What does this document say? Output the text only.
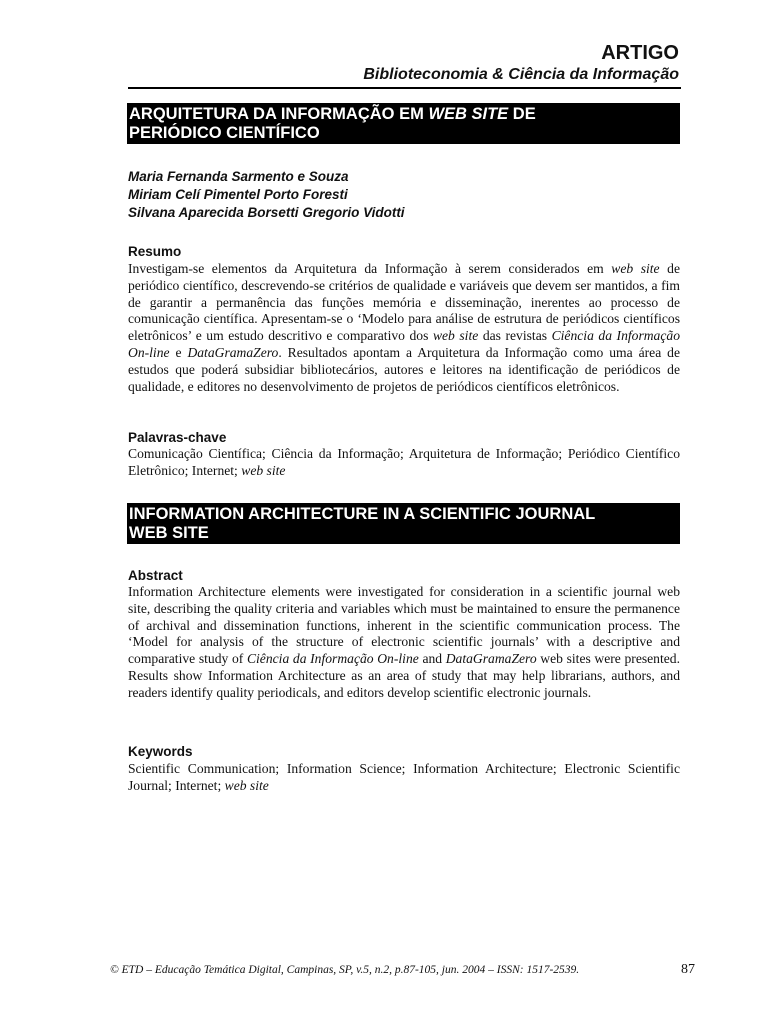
ARTIGO
Biblioteconomia & Ciência da Informação
ARQUITETURA DA INFORMAÇÃO EM WEB SITE DE
PERIÓDICO CIENTÍFICO
Maria Fernanda Sarmento e Souza
Miriam Celí Pimentel Porto Foresti
Silvana Aparecida Borsetti Gregorio Vidotti
Resumo
Investigam-se elementos da Arquitetura da Informação à serem considerados em web site de periódico científico, descrevendo-se critérios de qualidade e variáveis que devem ser mantidos, a fim de garantir a permanência das funções memória e disseminação, inerentes ao processo de comunicação científica. Apresentam-se o ‘Modelo para análise de estrutura de periódicos científicos eletrônicos’ e um estudo descritivo e comparativo dos web site das revistas Ciência da Informação On-line e DataGramaZero. Resultados apontam a Arquitetura da Informação como uma área de estudos que poderá subsidiar bibliotecários, autores e leitores na identificação de periódicos de qualidade, e editores no desenvolvimento de projetos de periódicos científicos eletrônicos.
Palavras-chave
Comunicação Científica; Ciência da Informação; Arquitetura de Informação; Periódico Científico Eletrônico; Internet; web site
INFORMATION ARCHITECTURE IN A SCIENTIFIC JOURNAL
WEB SITE
Abstract
Information Architecture elements were investigated for consideration in a scientific journal web site, describing the quality criteria and variables which must be maintained to ensure the permanence of archival and dissemination functions, inherent in the scientific communication process. The ‘Model for analysis of the structure of electronic scientific journals’ with a descriptive and comparative study of Ciência da Informação On-line and DataGramaZero web sites were presented. Results show Information Architecture as an area of study that may help librarians, authors, and readers identify quality periodicals, and editors develop scientific electronic journals.
Keywords
Scientific Communication; Information Science; Information Architecture; Electronic Scientific Journal; Internet; web site
© ETD – Educação Temática Digital, Campinas, SP, v.5, n.2, p.87-105, jun. 2004 – ISSN: 1517-2539.	87
